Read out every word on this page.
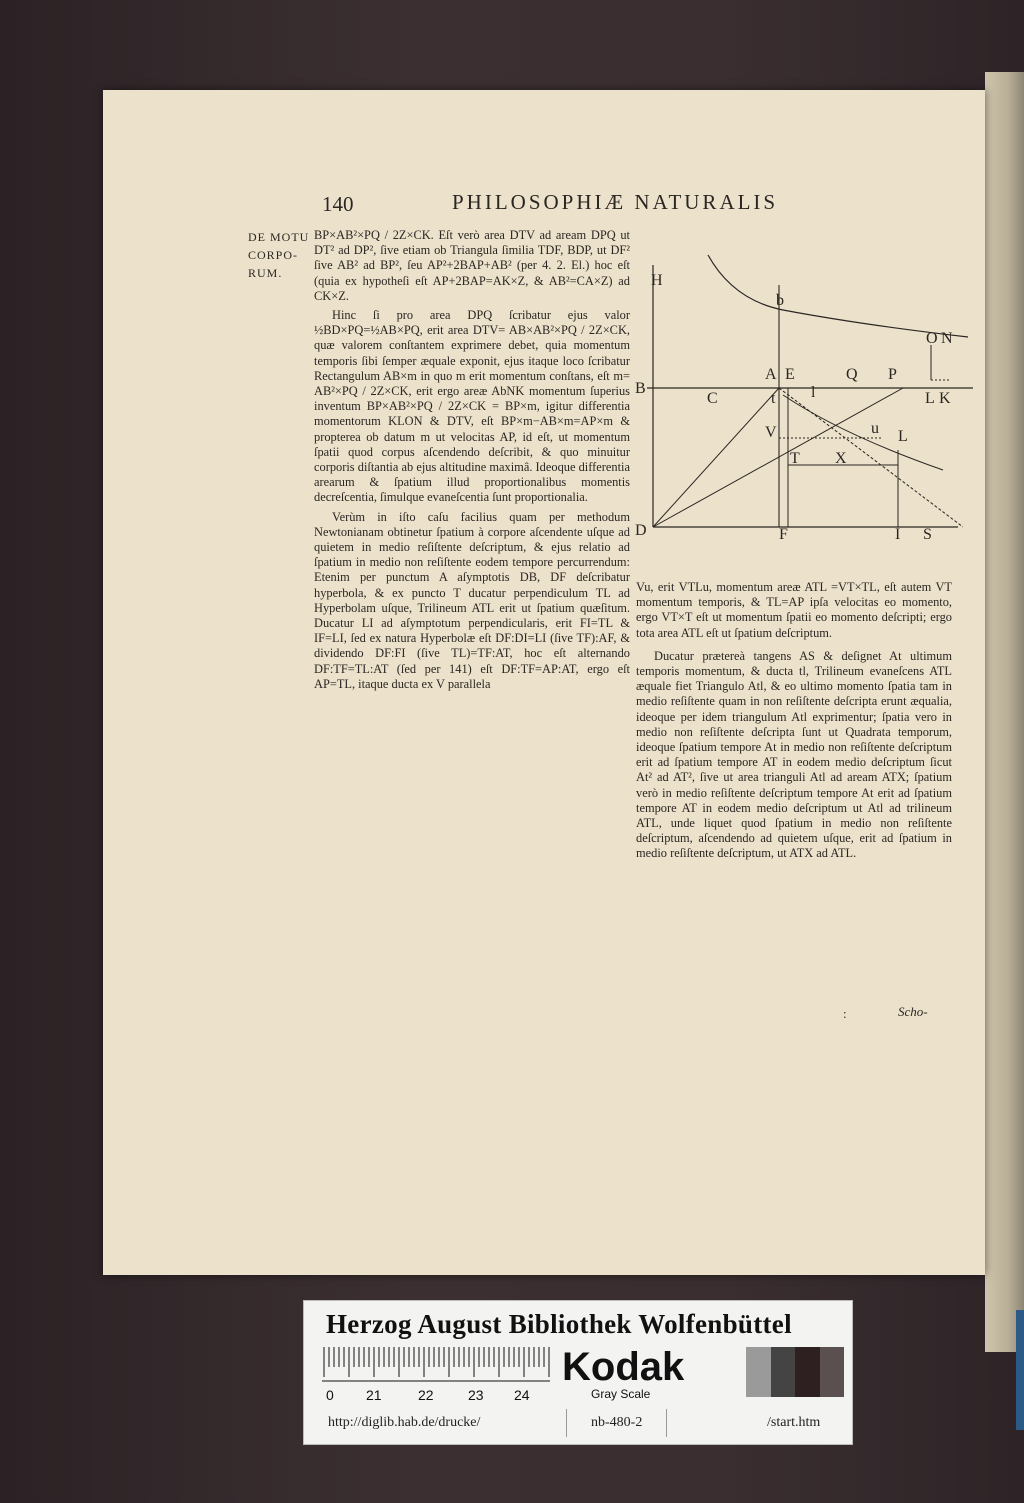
140	PHILOSOPHIÆ NATURALIS
DE MOTU
CORPO-
RUM.

BP×AB²×PQ / 2Z×CK. Eſt verò area DTV ad aream DPQ ut DT² ad DP², ſive etiam ob Triangula ſimilia TDF, BDP, ut DF² ſive AB² ad BP², ſeu AP²+2BAP+AB² (per 4. 2. El.) hoc eſt (quia ex hypotheſi eſt AP+2BAP=AK×Z, & AB²=CA×Z) ad CK×Z.

Hinc ſi pro area DPQ ſcribatur ejus valor ½BD×PQ=½AB×PQ, erit area DTV= AB×AB²×PQ / 2Z×CK, quæ valorem conſtantem exprimere debet, quia momentum temporis ſibi ſemper æquale exponit, ejus itaque loco ſcribatur Rectangulum AB×m in quo m erit momentum conſtans, eſt m= AB²×PQ / 2Z×CK, erit ergo areæ AbNK momentum ſuperius inventum BP×AB²×PQ / 2Z×CK = BP×m, igitur differentia momentorum KLON & DTV, eſt BP×m−AB×m=AP×m & propterea ob datum m ut velocitas AP, id eſt, ut momentum ſpatii quod corpus aſcendendo deſcribit, & quo minuitur corporis diſtantia ab ejus altitudine maximâ. Ideoque differentia arearum & ſpatium illud proportionalibus momentis decreſcentia, ſimulque evaneſcentia ſunt proportionalia.

Verùm in iſto caſu facilius quam per methodum Newtonianam obtinetur ſpatium à corpore aſcendente uſque ad quietem in medio reſiſtente deſcriptum, & ejus relatio ad ſpatium in medio non reſiſtente eodem tempore percurrendum: Etenim per punctum A aſymptotis DB, DF deſcribatur hyperbola, & ex puncto T ducatur perpendiculum TL ad Hyperbolam uſque, Trilineum ATL erit ut ſpatium quæſitum. Ducatur LI ad aſymptotum perpendicularis, erit FI=TL & IF=LI, ſed ex natura Hyperbolæ eſt DF:DI=LI (ſive TF):AF, & dividendo DF:FI (ſive TL)=TF:AT, hoc eſt alternando DF:TF=TL:AT (ſed per 141) eſt DF:TF=AP:AT, ergo eſt AP=TL, itaque ducta ex V parallela

H
b
O N
A E	Q P
B
C	t l	L K
V	u L
T X
D	F	I S

Vu, erit VTLu, momentum areæ ATL =VT×TL, eſt autem VT momentum temporis, & TL=AP ipſa velocitas eo momento, ergo VT×T eſt ut momentum ſpatii eo momento deſcripti; ergo tota area ATL eſt ut ſpatium deſcriptum.

Ducatur prætereà tangens AS & deſignet At ultimum temporis momentum, & ducta tl, Trilineum evaneſcens ATL æquale fiet Triangulo Atl, & eo ultimo momento ſpatia tam in medio reſiſtente quam in non reſiſtente deſcripta erunt æqualia, ideoque per idem triangulum Atl exprimentur; ſpatia vero in medio non reſiſtente deſcripta ſunt ut Quadrata temporum, ideoque ſpatium tempore At in medio non reſiſtente deſcriptum erit ad ſpatium tempore AT in eodem medio deſcriptum ſicut At² ad AT², ſive ut area trianguli Atl ad aream ATX; ſpatium verò in medio reſiſtente deſcriptum tempore At erit ad ſpatium tempore AT in eodem medio deſcriptum ut Atl ad trilineum ATL, unde liquet quod ſpatium in medio non reſiſtente deſcriptum, aſcendendo ad quietem uſque, erit ad ſpatium in medio reſiſtente deſcriptum, ut ATX ad ATL.

:	Scho-
Herzog August Bibliothek Wolfenbüttel
0 21	22 23 24
Kodak
Gray Scale
http://diglib.hab.de/drucke/	nb-480-2	/start.htm
